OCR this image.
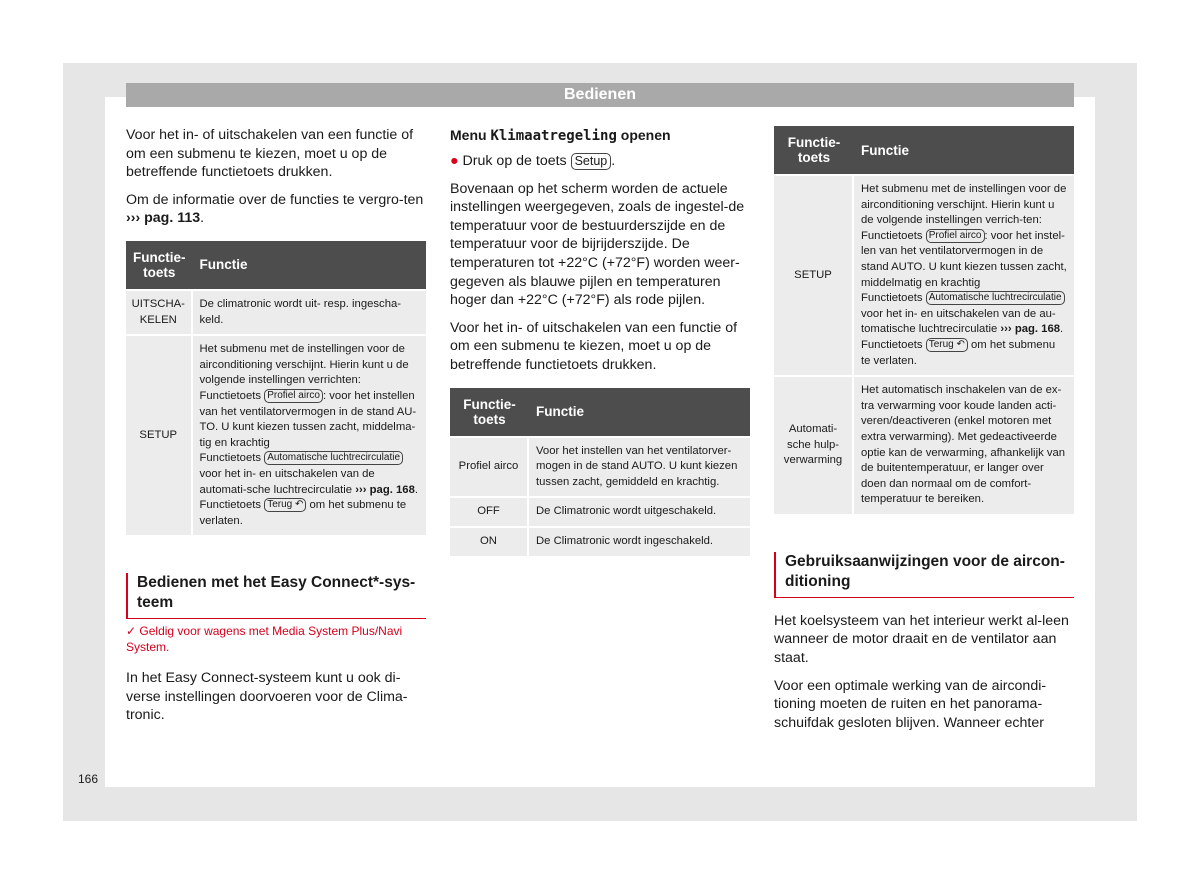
Bedienen

Voor het in- of uitschakelen van een functie of om een submenu te kiezen, moet u op de betreffende functietoets drukken.

Om de informatie over de functies te vergro-ten ››› pag. 113.

Functie-toets	Functie
UITSCHA-KELEN	De climatronic wordt uit- resp. ingescha-keld.
SETUP	Het submenu met de instellingen voor de airconditioning verschijnt. Hierin kunt u de volgende instellingen verrichten:
Functietoets Profiel airco : voor het instellen van het ventilatorvermogen in de stand AU-TO. U kunt kiezen tussen zacht, middelma-tig en krachtig
Functietoets Automatische luchtrecirculatie voor het in- en uitschakelen van de automati-sche luchtrecirculatie ››› pag. 168.
Functietoets Terug ↶ om het submenu te verlaten.
Bedienen met het Easy Connect*-sys-teem

✓ Geldig voor wagens met Media System Plus/Navi System.

In het Easy Connect-systeem kunt u ook di-verse instellingen doorvoeren voor de Clima-tronic.

Menu Klimaatregeling openen

● Druk op de toets Setup .

Bovenaan op het scherm worden de actuele instellingen weergegeven, zoals de ingestel-de temperatuur voor de bestuurderszijde en de temperatuur voor de bijrijderszijde. De temperaturen tot +22°C (+72°F) worden weer-gegeven als blauwe pijlen en temperaturen hoger dan +22°C (+72°F) als rode pijlen.

Voor het in- of uitschakelen van een functie of om een submenu te kiezen, moet u op de betreffende functietoets drukken.

Functie-toets	Functie
Profiel airco	Voor het instellen van het ventilatorver-mogen in de stand AUTO. U kunt kiezen tussen zacht, gemiddeld en krachtig.
OFF	De Climatronic wordt uitgeschakeld.
ON	De Climatronic wordt ingeschakeld.
Functie-toets	Functie
SETUP	Het submenu met de instellingen voor de airconditioning verschijnt. Hierin kunt u de volgende instellingen verrich-ten:
Functietoets Profiel airco : voor het instel-len van het ventilatorvermogen in de stand AUTO. U kunt kiezen tussen zacht, middelmatig en krachtig
Functietoets Automatische luchtrecirculatie voor het in- en uitschakelen van de au-tomatische luchtrecirculatie ››› pag. 168.
Functietoets Terug ↶ om het submenu te verlaten.

Automati-sche hulp-verwarming	Het automatisch inschakelen van de ex-tra verwarming voor koude landen acti-veren/deactiveren (enkel motoren met extra verwarming). Met gedeactiveerde optie kan de verwarming, afhankelijk van de buitentemperatuur, er langer over doen dan normaal om de comfort-temperatuur te bereiken.
Gebruiksaanwijzingen voor de aircon-ditioning

Het koelsysteem van het interieur werkt al-leen wanneer de motor draait en de ventilator aan staat.

Voor een optimale werking van de aircondi-tioning moeten de ruiten en het panorama-schuifdak gesloten blijven. Wanneer echter

166
